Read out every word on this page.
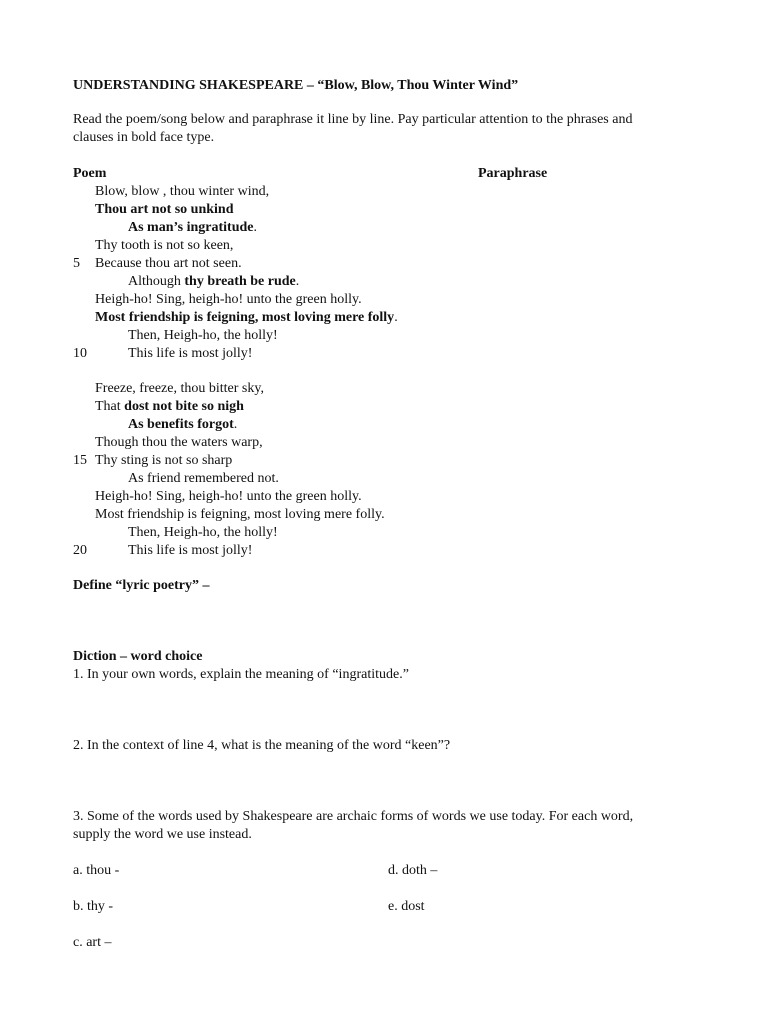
UNDERSTANDING SHAKESPEARE – “Blow, Blow, Thou Winter Wind”
Read the poem/song below and paraphrase it line by line. Pay particular attention to the phrases and
clauses in bold face type.
Poem	Paraphrase
Blow, blow , thou winter wind,
Thou art not so unkind
As man’s ingratitude.
Thy tooth is not so keen,
5 Because thou art not seen.
Although thy breath be rude.
Heigh-ho! Sing, heigh-ho! unto the green holly.
Most friendship is feigning, most loving mere folly.
Then, Heigh-ho, the holly!
10	This life is most jolly!
Freeze, freeze, thou bitter sky,
That dost not bite so nigh
As benefits forgot.
Though thou the waters warp,
15 Thy sting is not so sharp
As friend remembered not.
Heigh-ho! Sing, heigh-ho! unto the green holly.
Most friendship is feigning, most loving mere folly.
Then, Heigh-ho, the holly!
20	This life is most jolly!
Define “lyric poetry” –
Diction – word choice
1. In your own words, explain the meaning of “ingratitude.”
2. In the context of line 4, what is the meaning of the word “keen”?
3. Some of the words used by Shakespeare are archaic forms of words we use today. For each word,
supply the word we use instead.
a. thou -	d. doth –
b. thy -	e. dost
c. art –
